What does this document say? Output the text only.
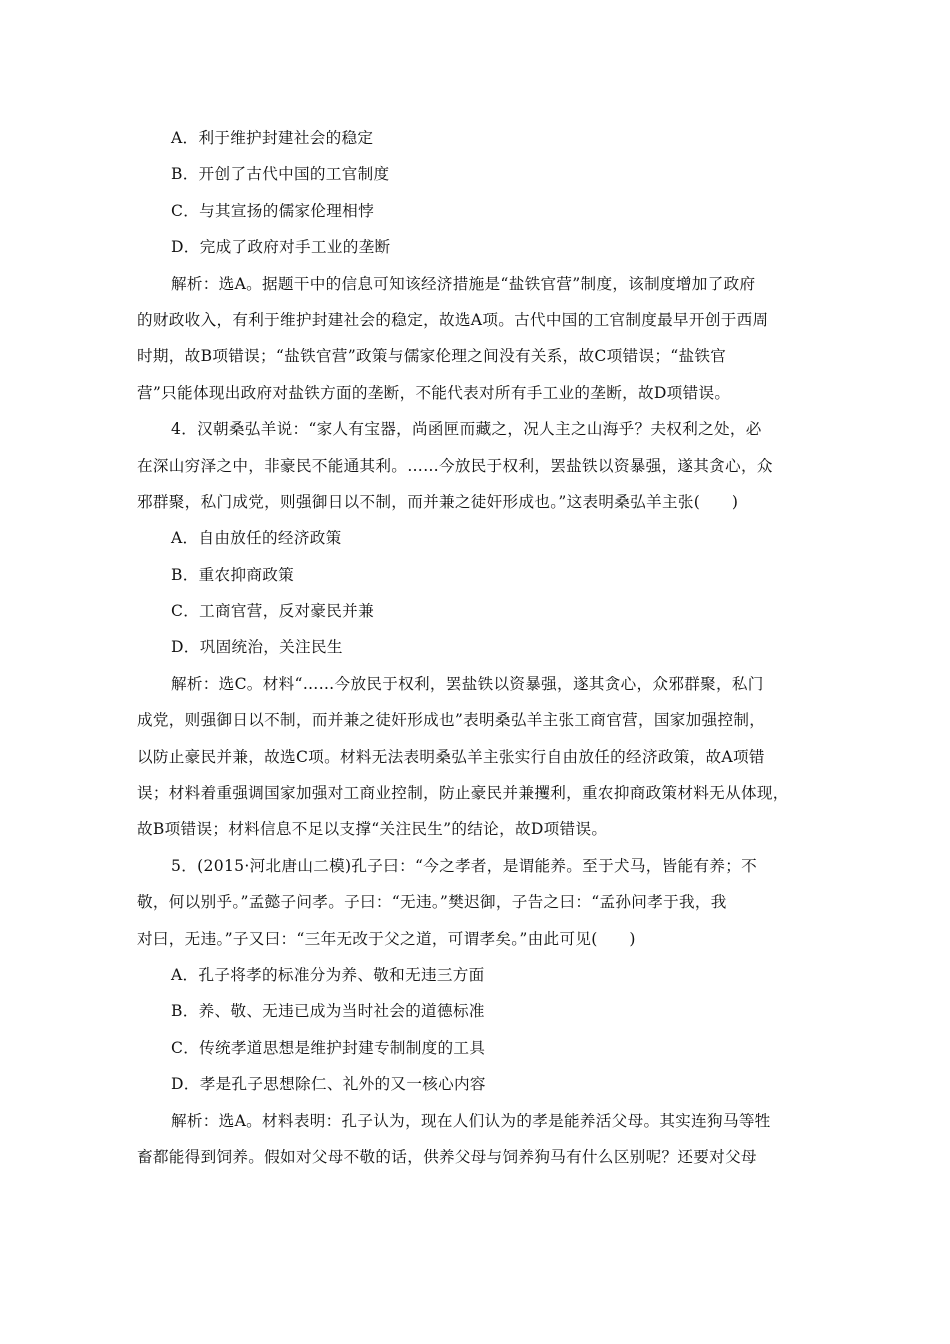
A．利于维护封建社会的稳定
B．开创了古代中国的工官制度
C．与其宣扬的儒家伦理相悖
D．完成了政府对手工业的垄断
解析：选A。据题干中的信息可知该经济措施是“盐铁官营”制度，该制度增加了政府
的财政收入，有利于维护封建社会的稳定，故选A项。古代中国的工官制度最早开创于西周
时期，故B项错误；“盐铁官营”政策与儒家伦理之间没有关系，故C项错误；“盐铁官
营”只能体现出政府对盐铁方面的垄断，不能代表对所有手工业的垄断，故D项错误。
4．汉朝桑弘羊说：“家人有宝器，尚函匣而藏之，况人主之山海乎？夫权利之处，必
在深山穷泽之中，非豪民不能通其利。……今放民于权利，罢盐铁以资暴强，遂其贪心，众
邪群聚，私门成党，则强御日以不制，而并兼之徒奸形成也。”这表明桑弘羊主张(　　)
A．自由放任的经济政策
B．重农抑商政策
C．工商官营，反对豪民并兼
D．巩固统治，关注民生
解析：选C。材料“……今放民于权利，罢盐铁以资暴强，遂其贪心，众邪群聚，私门
成党，则强御日以不制，而并兼之徒奸形成也”表明桑弘羊主张工商官营，国家加强控制，
以防止豪民并兼，故选C项。材料无法表明桑弘羊主张实行自由放任的经济政策，故A项错
误；材料着重强调国家加强对工商业控制，防止豪民并兼攫利，重农抑商政策材料无从体现，
故B项错误；材料信息不足以支撑“关注民生”的结论，故D项错误。
5．(2015·河北唐山二模)孔子曰：“今之孝者，是谓能养。至于犬马，皆能有养；不
敬，何以别乎。”孟懿子问孝。子曰：“无违。”樊迟御，子告之曰：“孟孙问孝于我，我
对曰，无违。”子又曰：“三年无改于父之道，可谓孝矣。”由此可见(　　)
A．孔子将孝的标准分为养、敬和无违三方面
B．养、敬、无违已成为当时社会的道德标准
C．传统孝道思想是维护封建专制制度的工具
D．孝是孔子思想除仁、礼外的又一核心内容
解析：选A。材料表明：孔子认为，现在人们认为的孝是能养活父母。其实连狗马等牲
畜都能得到饲养。假如对父母不敬的话，供养父母与饲养狗马有什么区别呢？还要对父母
